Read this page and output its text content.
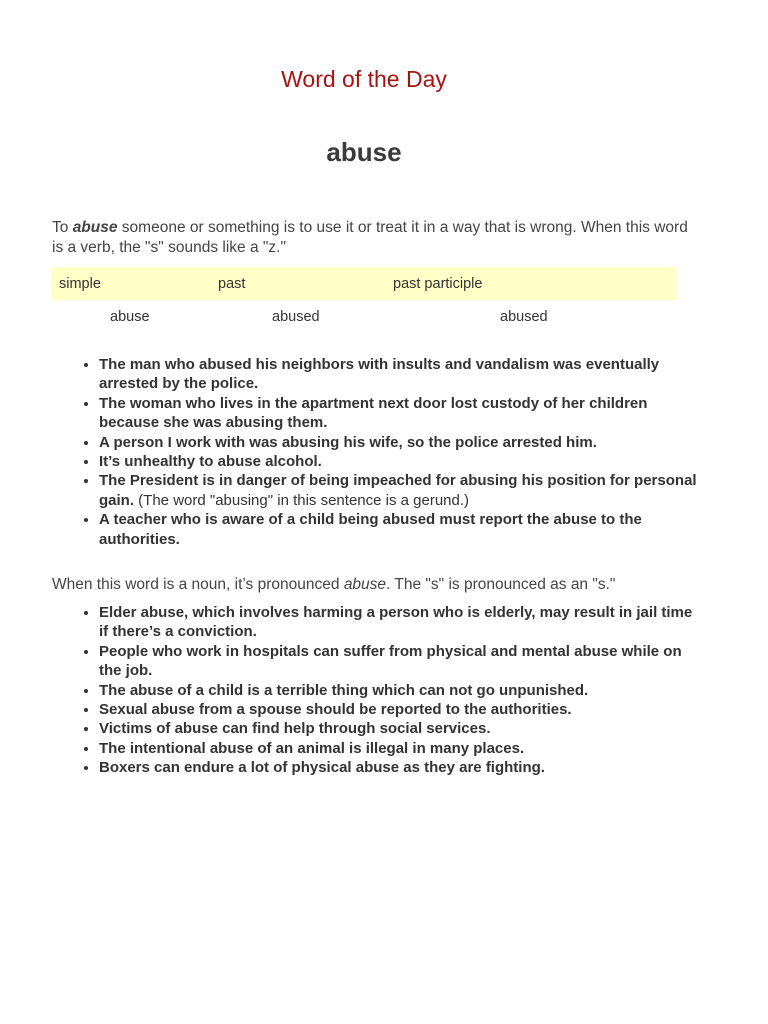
Word of the Day
abuse

To abuse someone or something is to use it or treat it in a way that is wrong. When this word is a verb, the "s" sounds like a "z."

simple	past	past participle
abuse	abused	abused
• The man who abused his neighbors with insults and vandalism was eventually arrested by the police.
• The woman who lives in the apartment next door lost custody of her children because she was abusing them.
• A person I work with was abusing his wife, so the police arrested him.
• It’s unhealthy to abuse alcohol.
• The President is in danger of being impeached for abusing his position for personal gain. (The word "abusing" in this sentence is a gerund.)
• A teacher who is aware of a child being abused must report the abuse to the authorities.

When this word is a noun, it’s pronounced abuse. The "s" is pronounced as an "s."

• Elder abuse, which involves harming a person who is elderly, may result in jail time if there’s a conviction.
• People who work in hospitals can suffer from physical and mental abuse while on the job.
• The abuse of a child is a terrible thing which can not go unpunished.
• Sexual abuse from a spouse should be reported to the authorities.
• Victims of abuse can find help through social services.
• The intentional abuse of an animal is illegal in many places.
• Boxers can endure a lot of physical abuse as they are fighting.
